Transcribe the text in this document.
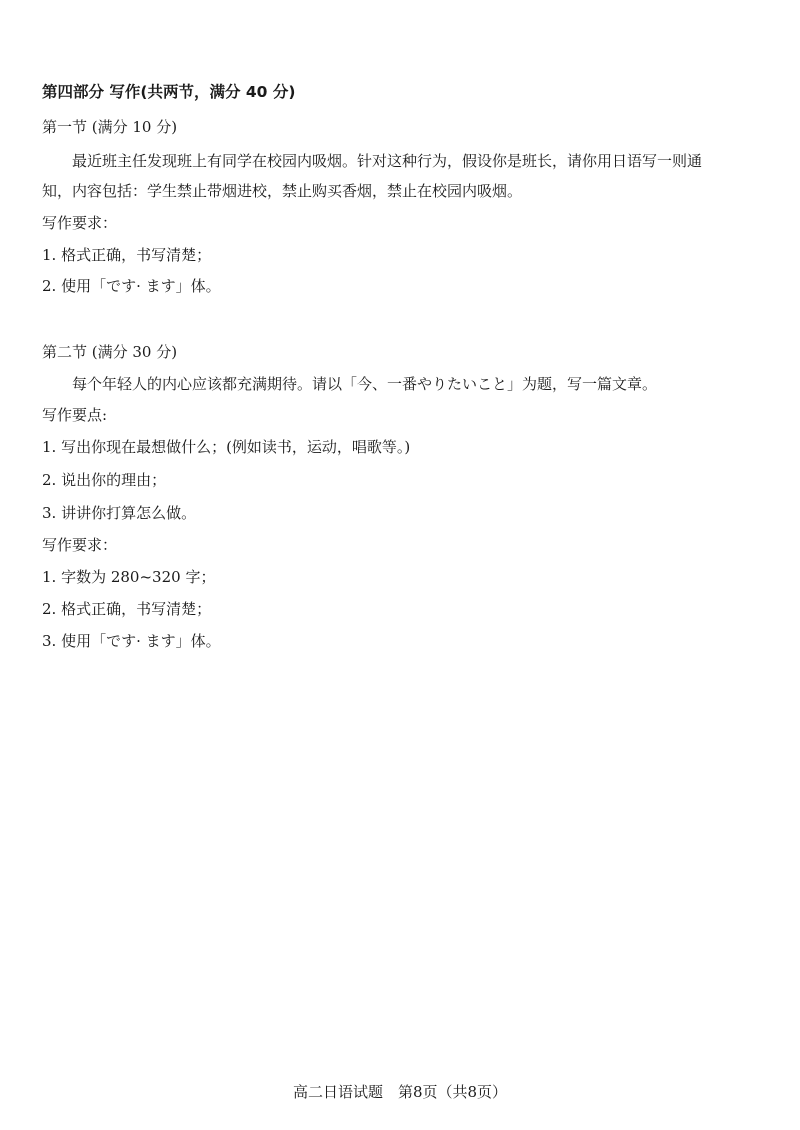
第四部分 写作(共两节，满分 40 分)
第一节 (满分 10 分)
最近班主任发现班上有同学在校园内吸烟。针对这种行为，假设你是班长，请你用日语写一则通
知，内容包括：学生禁止带烟进校，禁止购买香烟，禁止在校园内吸烟。
写作要求：
1. 格式正确，书写清楚；
2. 使用「です· ます」体。
第二节 (满分 30 分)
每个年轻人的内心应该都充满期待。请以「今、一番やりたいこと」为题，写一篇文章。
写作要点:
1. 写出你现在最想做什么；(例如读书，运动，唱歌等。)
2. 说出你的理由；
3. 讲讲你打算怎么做。
写作要求：
1. 字数为 280~320 字；
2. 格式正确，书写清楚；
3. 使用「です· ます」体。
高二日语试题　第8页（共8页）
